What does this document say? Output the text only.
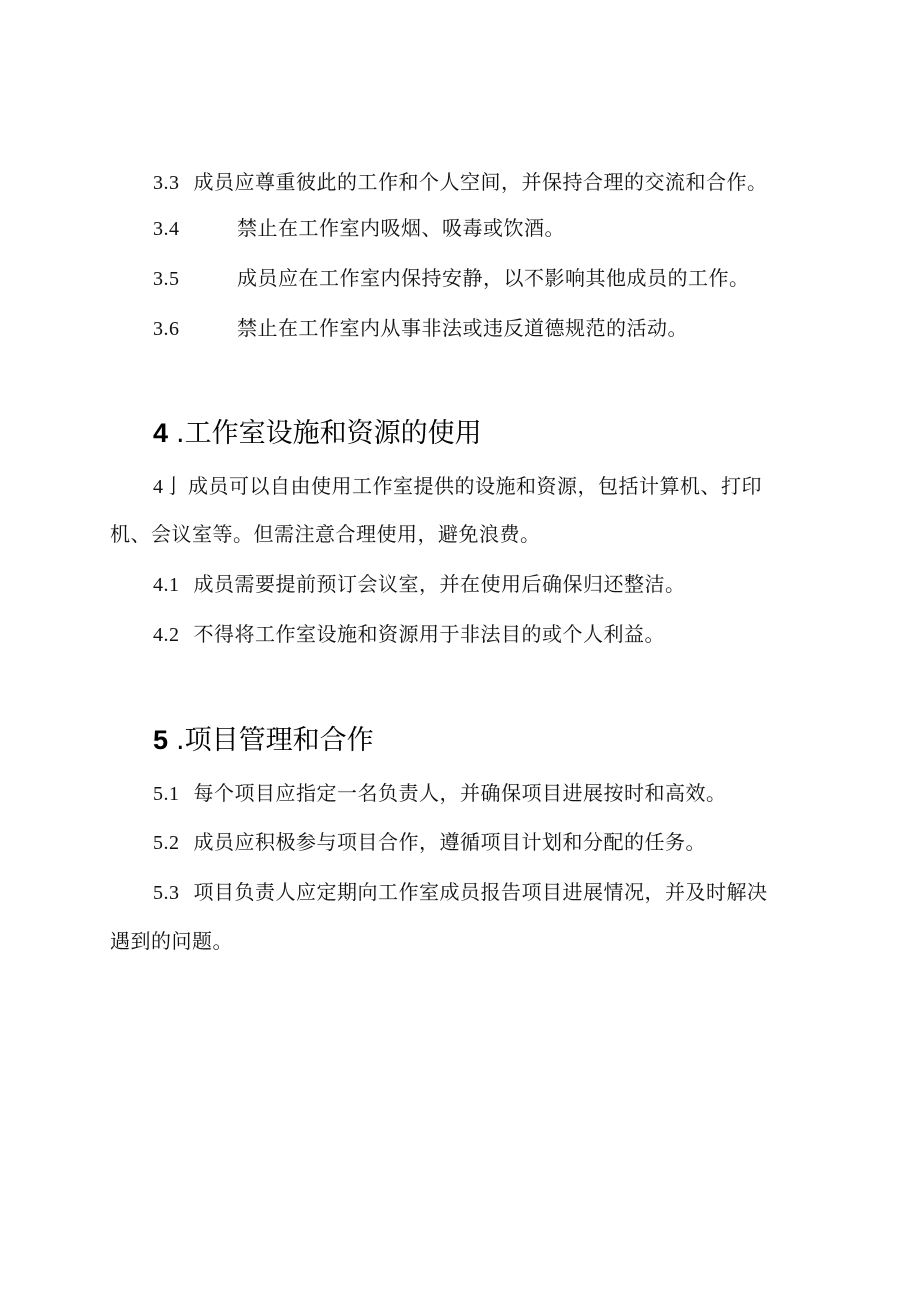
3.3 成员应尊重彼此的工作和个人空间，并保持合理的交流和合作。
3.4	禁止在工作室内吸烟、吸毒或饮酒。
3.5	成员应在工作室内保持安静，以不影响其他成员的工作。
3.6	禁止在工作室内从事非法或违反道德规范的活动。
4 .工作室设施和资源的使用
4亅 成员可以自由使用工作室提供的设施和资源，包括计算机、打印
机、会议室等。但需注意合理使用，避免浪费。
4.1 成员需要提前预订会议室，并在使用后确保归还整洁。
4.2 不得将工作室设施和资源用于非法目的或个人利益。
5 .项目管理和合作
5.1 每个项目应指定一名负责人，并确保项目进展按时和高效。
5.2 成员应积极参与项目合作，遵循项目计划和分配的任务。
5.3 项目负责人应定期向工作室成员报告项目进展情况，并及时解决
遇到的问题。
